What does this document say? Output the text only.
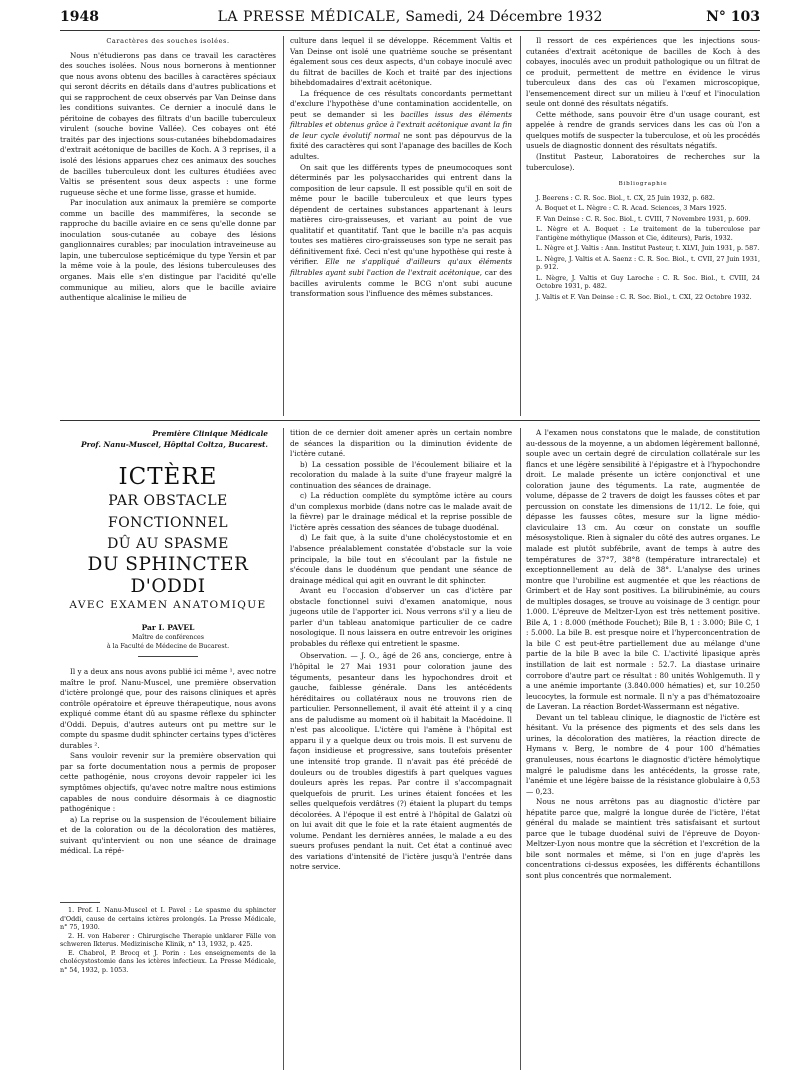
1948	LA PRESSE MÉDICALE, Samedi, 24 Décembre 1932	N° 103

Caractères des souches isolées.

Nous n'étudierons pas dans ce travail les caractères des souches isolées. Nous nous bornerons à mentionner que nous avons obtenu des bacilles à caractères spéciaux qui seront décrits en détails dans d'autres publications et qui se rapprochent de ceux observés par Van Deinse dans les conditions suivantes. Ce dernier a inoculé dans le péritoine de cobayes des filtrats d'un bacille tuberculeux virulent (souche bovine Vallée). Ces cobayes ont été traités par des injections sous-cutanées bihebdomadaires d'extrait acétonique de bacilles de Koch. A 3 reprises, il a isolé des lésions apparues chez ces animaux des souches de bacilles tuberculeux dont les cultures étudiées avec Valtis se présentent sous deux aspects : une forme rugueuse sèche et une forme lisse, grasse et humide.

Par inoculation aux animaux la première se comporte comme un bacille des mammifères, la seconde se rapproche du bacille aviaire en ce sens qu'elle donne par inoculation sous-cutanée au cobaye des lésions ganglionnaires curables; par inoculation intraveineuse au lapin, une tuberculose septicémique du type Yersin et par la même voie à la poule, des lésions tuberculeuses des organes. Mais elle s'en distingue par l'acidité qu'elle communique au milieu, alors que le bacille aviaire authentique alcalinise le milieu de

culture dans lequel il se développe. Récemment Valtis et Van Deinse ont isolé une quatrième souche se présentant également sous ces deux aspects, d'un cobaye inoculé avec du filtrat de bacilles de Koch et traité par des injections bihebdomadaires d'extrait acétonique.

La fréquence de ces résultats concordants permettant d'exclure l'hypothèse d'une contamination accidentelle, on peut se demander si les bacilles issus des éléments filtrables et obtenus grâce à l'extrait acétonique avant la fin de leur cycle évolutif normal ne sont pas dépourvus de la fixité des caractères qui sont l'apanage des bacilles de Koch adultes.

On sait que les différents types de pneumocoques sont déterminés par les polysaccharides qui entrent dans la composition de leur capsule. Il est possible qu'il en soit de même pour le bacille tuberculeux et que leurs types dépendent de certaines substances appartenant à leurs matières ciro-graisseuses, et variant au point de vue qualitatif et quantitatif. Tant que le bacille n'a pas acquis toutes ses matières ciro-graisseuses son type ne serait pas définitivement fixé. Ceci n'est qu'une hypothèse qui reste à vérifier. Elle ne s'appliqué d'ailleurs qu'aux éléments filtrables ayant subi l'action de l'extrait acétonique, car des bacilles avirulents comme le BCG n'ont subi aucune transformation sous l'influence des mêmes substances.

Il ressort de ces expériences que les injections sous-cutanées d'extrait acétonique de bacilles de Koch à des cobayes, inoculés avec un produit pathologique ou un filtrat de ce produit, permettent de mettre en évidence le virus tuberculeux dans des cas où l'examen microscopique, l'ensemencement direct sur un milieu à l'œuf et l'inoculation seule ont donné des résultats négatifs.

Cette méthode, sans pouvoir être d'un usage courant, est appelée à rendre de grands services dans les cas où l'on a quelques motifs de suspecter la tuberculose, et où les procédés usuels de diagnostic donnent des résultats négatifs.

(Institut Pasteur, Laboratoires de recherches sur la tuberculose).

Bibliographie

J. Beerens : C. R. Soc. Biol., t. CX, 25 Juin 1932, p. 682.

A. Boquet et L. Nègre : C. R. Acad. Sciences, 3 Mars 1925.

F. Van Deinse : C. R. Soc. Biol., t. CVIII, 7 Novembre 1931, p. 609.

L. Nègre et A. Boquet : Le traitement de la tuberculose par l'antigène méthylique (Masson et Cie, éditeurs), Paris, 1932.

L. Nègre et J. Valtis : Ann. Institut Pasteur, t. XLVI, Juin 1931, p. 587.

L. Nègre, J. Valtis et A. Saenz : C. R. Soc. Biol., t. CVII, 27 Juin 1931, p. 912.

L. Nègre, J. Valtis et Guy Laroche : C. R. Soc. Biol., t. CVIII, 24 Octobre 1931, p. 482.

J. Valtis et F. Van Deinse : C. R. Soc. Biol., t. CXI, 22 Octobre 1932.

Première Clinique Médicale
Prof. Nanu-Muscel, Hôpital Coltza, Bucarest.
ICTÈRE
PAR OBSTACLE FONCTIONNEL
DÛ AU SPASME
DU SPHINCTER D'ODDI
AVEC EXAMEN ANATOMIQUE
Par I. PAVEL
Maître de conférences
à la Faculté de Médecine de Bucarest.

Il y a deux ans nous avons publié ici même ¹, avec notre maître le prof. Nanu-Muscel, une première observation d'ictère prolongé que, pour des raisons cliniques et après contrôle opératoire et épreuve thérapeutique, nous avons expliqué comme étant dû au spasme réflexe du sphincter d'Oddi. Depuis, d'autres auteurs ont pu mettre sur le compte du spasme dudit sphincter certains types d'ictères durables ².

Sans vouloir revenir sur la première observation qui par sa forte documentation nous a permis de proposer cette pathogénie, nous croyons devoir rappeler ici les symptômes objectifs, qu'avec notre maître nous estimions capables de nous conduire désormais à ce diagnostic pathogénique :

a) La reprise ou la suspension de l'écoulement biliaire et de la coloration ou de la décoloration des matières, suivant qu'intervient ou non une séance de drainage médical. La répé-

1. Prof. I. Nanu-Muscel et I. Pavel : Le spasme du sphincter d'Oddi, cause de certains ictères prolongés. La Presse Médicale, n° 75, 1930.

2. H. von Haberer : Chirurgische Therapie unklarer Fälle von schweren Ikterus. Medizinische Klinik, n° 13, 1932, p. 425.

E. Chabrol, P. Brocq et J. Porin : Les enseignements de la cholécystostomie dans les ictères infectieux. La Presse Médicale, n° 54, 1932, p. 1053.

tition de ce dernier doit amener après un certain nombre de séances la disparition ou la diminution évidente de l'ictère cutané.

b) La cessation possible de l'écoulement biliaire et la recoloration du malade à la suite d'une frayeur malgré la continuation des séances de drainage.

c) La réduction complète du symptôme ictère au cours d'un complexus morbide (dans notre cas le malade avait de la fièvre) par le drainage médical et la reprise possible de l'ictère après cessation des séances de tubage duodénal.

d) Le fait que, à la suite d'une cholécystostomie et en l'absence préalablement constatée d'obstacle sur la voie principale, la bile tout en s'écoulant par la fistule ne s'écoule dans le duodénum que pendant une séance de drainage médical qui agit en ouvrant le dit sphincter.

Avant eu l'occasion d'observer un cas d'ictère par obstacle fonctionnel suivi d'examen anatomique, nous jugeons utile de l'apporter ici. Nous verrons s'il y a lieu de parler d'un tableau anatomique particulier de ce cadre nosologique. Il nous laissera en outre entrevoir les origines probables du réflexe qui entretient le spasme.

Observation. — J. O., âgé de 26 ans, concierge, entre à l'hôpital le 27 Mai 1931 pour coloration jaune des téguments, pesanteur dans les hypochondres droit et gauche, faiblesse générale. Dans les antécédents héréditaires ou collatéraux nous ne trouvons rien de particulier. Personnellement, il avait été atteint il y a cinq ans de paludisme au moment où il habitait la Macédoine. Il n'est pas alcoolique. L'ictère qui l'amène à l'hôpital est apparu il y a quelque deux ou trois mois. Il est survenu de façon insidieuse et progressive, sans toutefois présenter une intensité trop grande. Il n'avait pas été précédé de douleurs ou de troubles digestifs à part quelques vagues douleurs après les repas. Par contre il s'accompagnait quelquefois de prurit. Les urines étaient foncées et les selles quelquefois verdâtres (?) étaient la plupart du temps décolorées. A l'époque il est entré à l'hôpital de Galatzi où on lui avait dit que le foie et la rate étaient augmentés de volume. Pendant les dernières années, le malade a eu des sueurs profuses pendant la nuit. Cet état a continué avec des variations d'intensité de l'ictère jusqu'à l'entrée dans notre service.

A l'examen nous constatons que le malade, de constitution au-dessous de la moyenne, a un abdomen légèrement ballonné, souple avec un certain degré de circulation collatérale sur les flancs et une légère sensibilité à l'épigastre et à l'hypochondre droit. Le malade présente un ictère conjonctival et une coloration jaune des téguments. La rate, augmentée de volume, dépasse de 2 travers de doigt les fausses côtes et par percussion on constate les dimensions de 11/12. Le foie, qui dépasse les fausses côtes, mesure sur la ligne médio-claviculaire 13 cm. Au cœur on constate un souffle mésosystolique. Rien à signaler du côté des autres organes. Le malade est plutôt subfébrile, avant de temps à autre des températures de 37°7, 38°8 (température intrarectale) et exceptionnellement au delà de 38°. L'analyse des urines montre que l'urobiline est augmentée et que les réactions de Grimbert et de Hay sont positives. La bilirubinémie, au cours de multiples dosages, se trouve au voisinage de 3 centigr. pour 1.000. L'épreuve de Meltzer-Lyon est très nettement positive. Bile A, 1 : 8.000 (méthode Fouchet); Bile B, 1 : 3.000; Bile C, 1 : 5.000. La bile B. est presque noire et l'hyperconcentration de la bile C est peut-être partiellement due au mélange d'une partie de la bile B avec la bile C. L'activité lipasique après instillation de lait est normale : 52.7. La diastase urinaire corrobore d'autre part ce résultat : 80 unités Wohlgemuth. Il y a une anémie importante (3.840.000 hématies) et, sur 10.250 leucocytes, la formule est normale. Il n'y a pas d'hématozoaire de Laveran. La réaction Bordet-Wassermann est négative.

Devant un tel tableau clinique, le diagnostic de l'ictère est hésitant. Vu la présence des pigments et des sels dans les urines, la décoloration des matières, la réaction directe de Hymans v. Berg, le nombre de 4 pour 100 d'hématies granuleuses, nous écartons le diagnostic d'ictère hémolytique malgré le paludisme dans les antécédents, la grosse rate, l'anémie et une légère baisse de la résistance globulaire à 0,53 — 0,23.

Nous ne nous arrêtons pas au diagnostic d'ictère par hépatite parce que, malgré la longue durée de l'ictère, l'état général du malade se maintient très satisfaisant et surtout parce que le tubage duodénal suivi de l'épreuve de Doyon-Meltzer-Lyon nous montre que la sécrétion et l'excrétion de la bile sont normales et même, si l'on en juge d'après les concentrations ci-dessus exposées, les différents échantillons sont plus concentrés que normalement.
